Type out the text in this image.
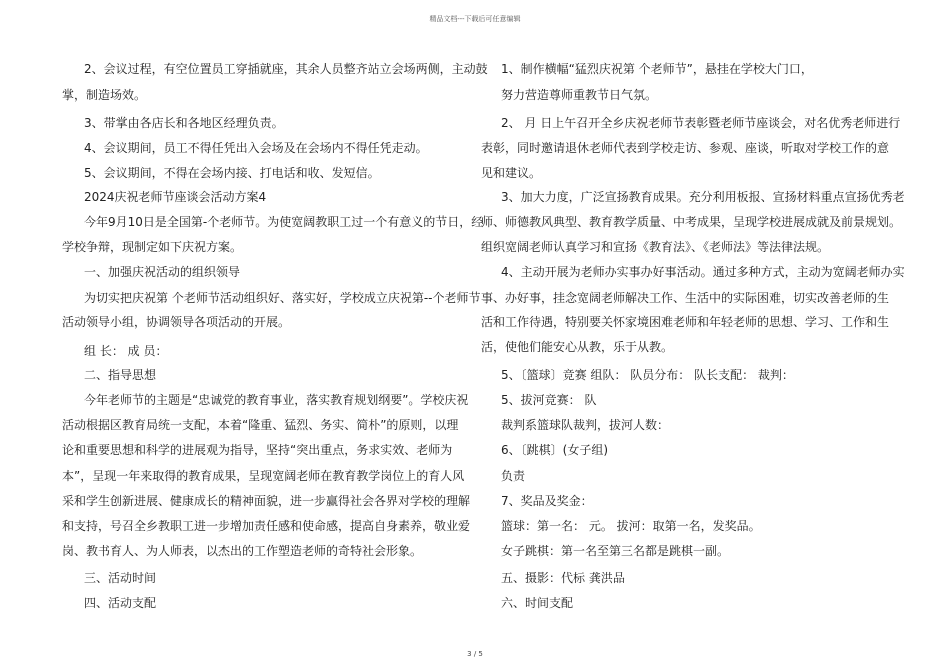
精品文档---下载后可任意编辑
2、会议过程，有空位置员工穿插就座，其余人员整齐站立会场两侧，主动鼓
掌，制造场效。
3、带掌由各店长和各地区经理负责。
4、会议期间，员工不得任凭出入会场及在会场内不得任凭走动。
5、会议期间，不得在会场内接、打电话和收、发短信。
2024庆祝老师节座谈会活动方案4
今年9月10日是全国第-个老师节。为使宽阔教职工过一个有意义的节日，经
学校争辩，现制定如下庆祝方案。
一、加强庆祝活动的组织领导
为切实把庆祝第 个老师节活动组织好、落实好，学校成立庆祝第--个老师节
活动领导小组，协调领导各项活动的开展。
组 长： 成 员：
二、指导思想
今年老师节的主题是“忠诚党的教育事业，落实教育规划纲要”。学校庆祝
活动根据区教育局统一支配，本着“隆重、猛烈、务实、简朴”的原则，以理
论和重要思想和科学的进展观为指导，坚持“突出重点，务求实效、老师为
本”，呈现一年来取得的教育成果，呈现宽阔老师在教育教学岗位上的育人风
采和学生创新进展、健康成长的精神面貌，进一步赢得社会各界对学校的理解
和支持，号召全乡教职工进一步增加责任感和使命感，提高自身素养，敬业爱
岗、教书育人、为人师表，以杰出的工作塑造老师的奇特社会形象。
三、活动时间
四、活动支配
1、制作横幅“猛烈庆祝第 个老师节”，悬挂在学校大门口，
努力营造尊师重教节日气氛。
2、 月 日上午召开全乡庆祝老师节表彰暨老师节座谈会，对名优秀老师进行
表彰，同时邀请退休老师代表到学校走访、参观、座谈，听取对学校工作的意
见和建议。
3、加大力度，广泛宣扬教育成果。充分利用板报、宣扬材料重点宣扬优秀老
师、师德教风典型、教育教学质量、中考成果，呈现学校进展成就及前景规划。
组织宽阔老师认真学习和宣扬《教育法》、《老师法》等法律法规。
4、主动开展为老师办实事办好事活动。通过多种方式，主动为宽阔老师办实
事、办好事，挂念宽阔老师解决工作、生活中的实际困难，切实改善老师的生
活和工作待遇，特别要关怀家境困难老师和年轻老师的思想、学习、工作和生
活，使他们能安心从教，乐于从教。
5、〔篮球〕竞赛 组队： 队员分布： 队长支配： 裁判：
5、拔河竞赛： 队
裁判系篮球队裁判，拔河人数：
6、〔跳棋〕(女子组)
负责
7、奖品及奖金：
篮球：第一名： 元。 拔河：取第一名，发奖品。
女子跳棋：第一名至第三名都是跳棋一副。
五、摄影：代标 龚洪品
六、时间支配
3 / 5
